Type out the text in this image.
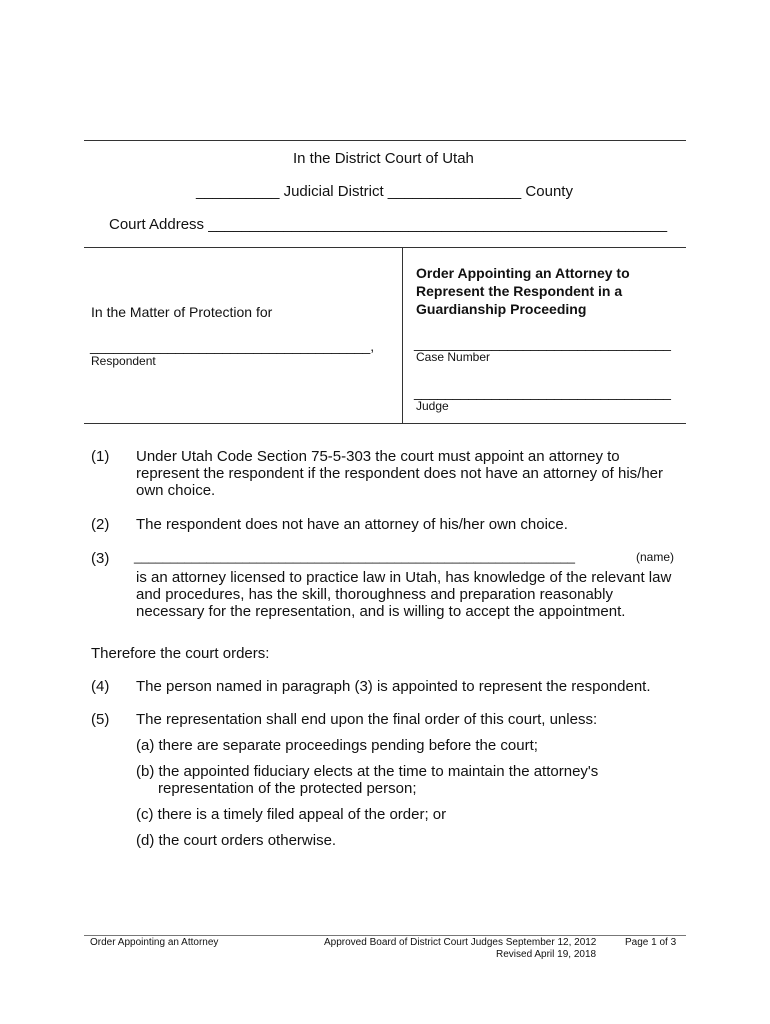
In the District Court of Utah
__________ Judicial District ________________ County
Court Address _______________________________________________________
In the Matter of Protection for
____________________________________,
Respondent
Order Appointing an Attorney to
Represent the Respondent in a
Guardianship Proceeding
_________________________________
Case Number
_________________________________
Judge
(1) Under Utah Code Section 75-5-303 the court must appoint an attorney to
represent the respondent if the respondent does not have an attorney of his/her
own choice.
(2) The respondent does not have an attorney of his/her own choice.
(3) _____________________________________________________________	(name)
is an attorney licensed to practice law in Utah, has knowledge of the relevant law
and procedures, has the skill, thoroughness and preparation reasonably
necessary for the representation, and is willing to accept the appointment.
Therefore the court orders:
(4) The person named in paragraph (3) is appointed to represent the respondent.
(5) The representation shall end upon the final order of this court, unless:
(a) there are separate proceedings pending before the court;
(b) the appointed fiduciary elects at the time to maintain the attorney's
representation of the protected person;
(c) there is a timely filed appeal of the order; or
(d) the court orders otherwise.
Order Appointing an Attorney	Approved Board of District Court Judges September 12, 2012
Revised April 19, 2018
Page 1 of 3
